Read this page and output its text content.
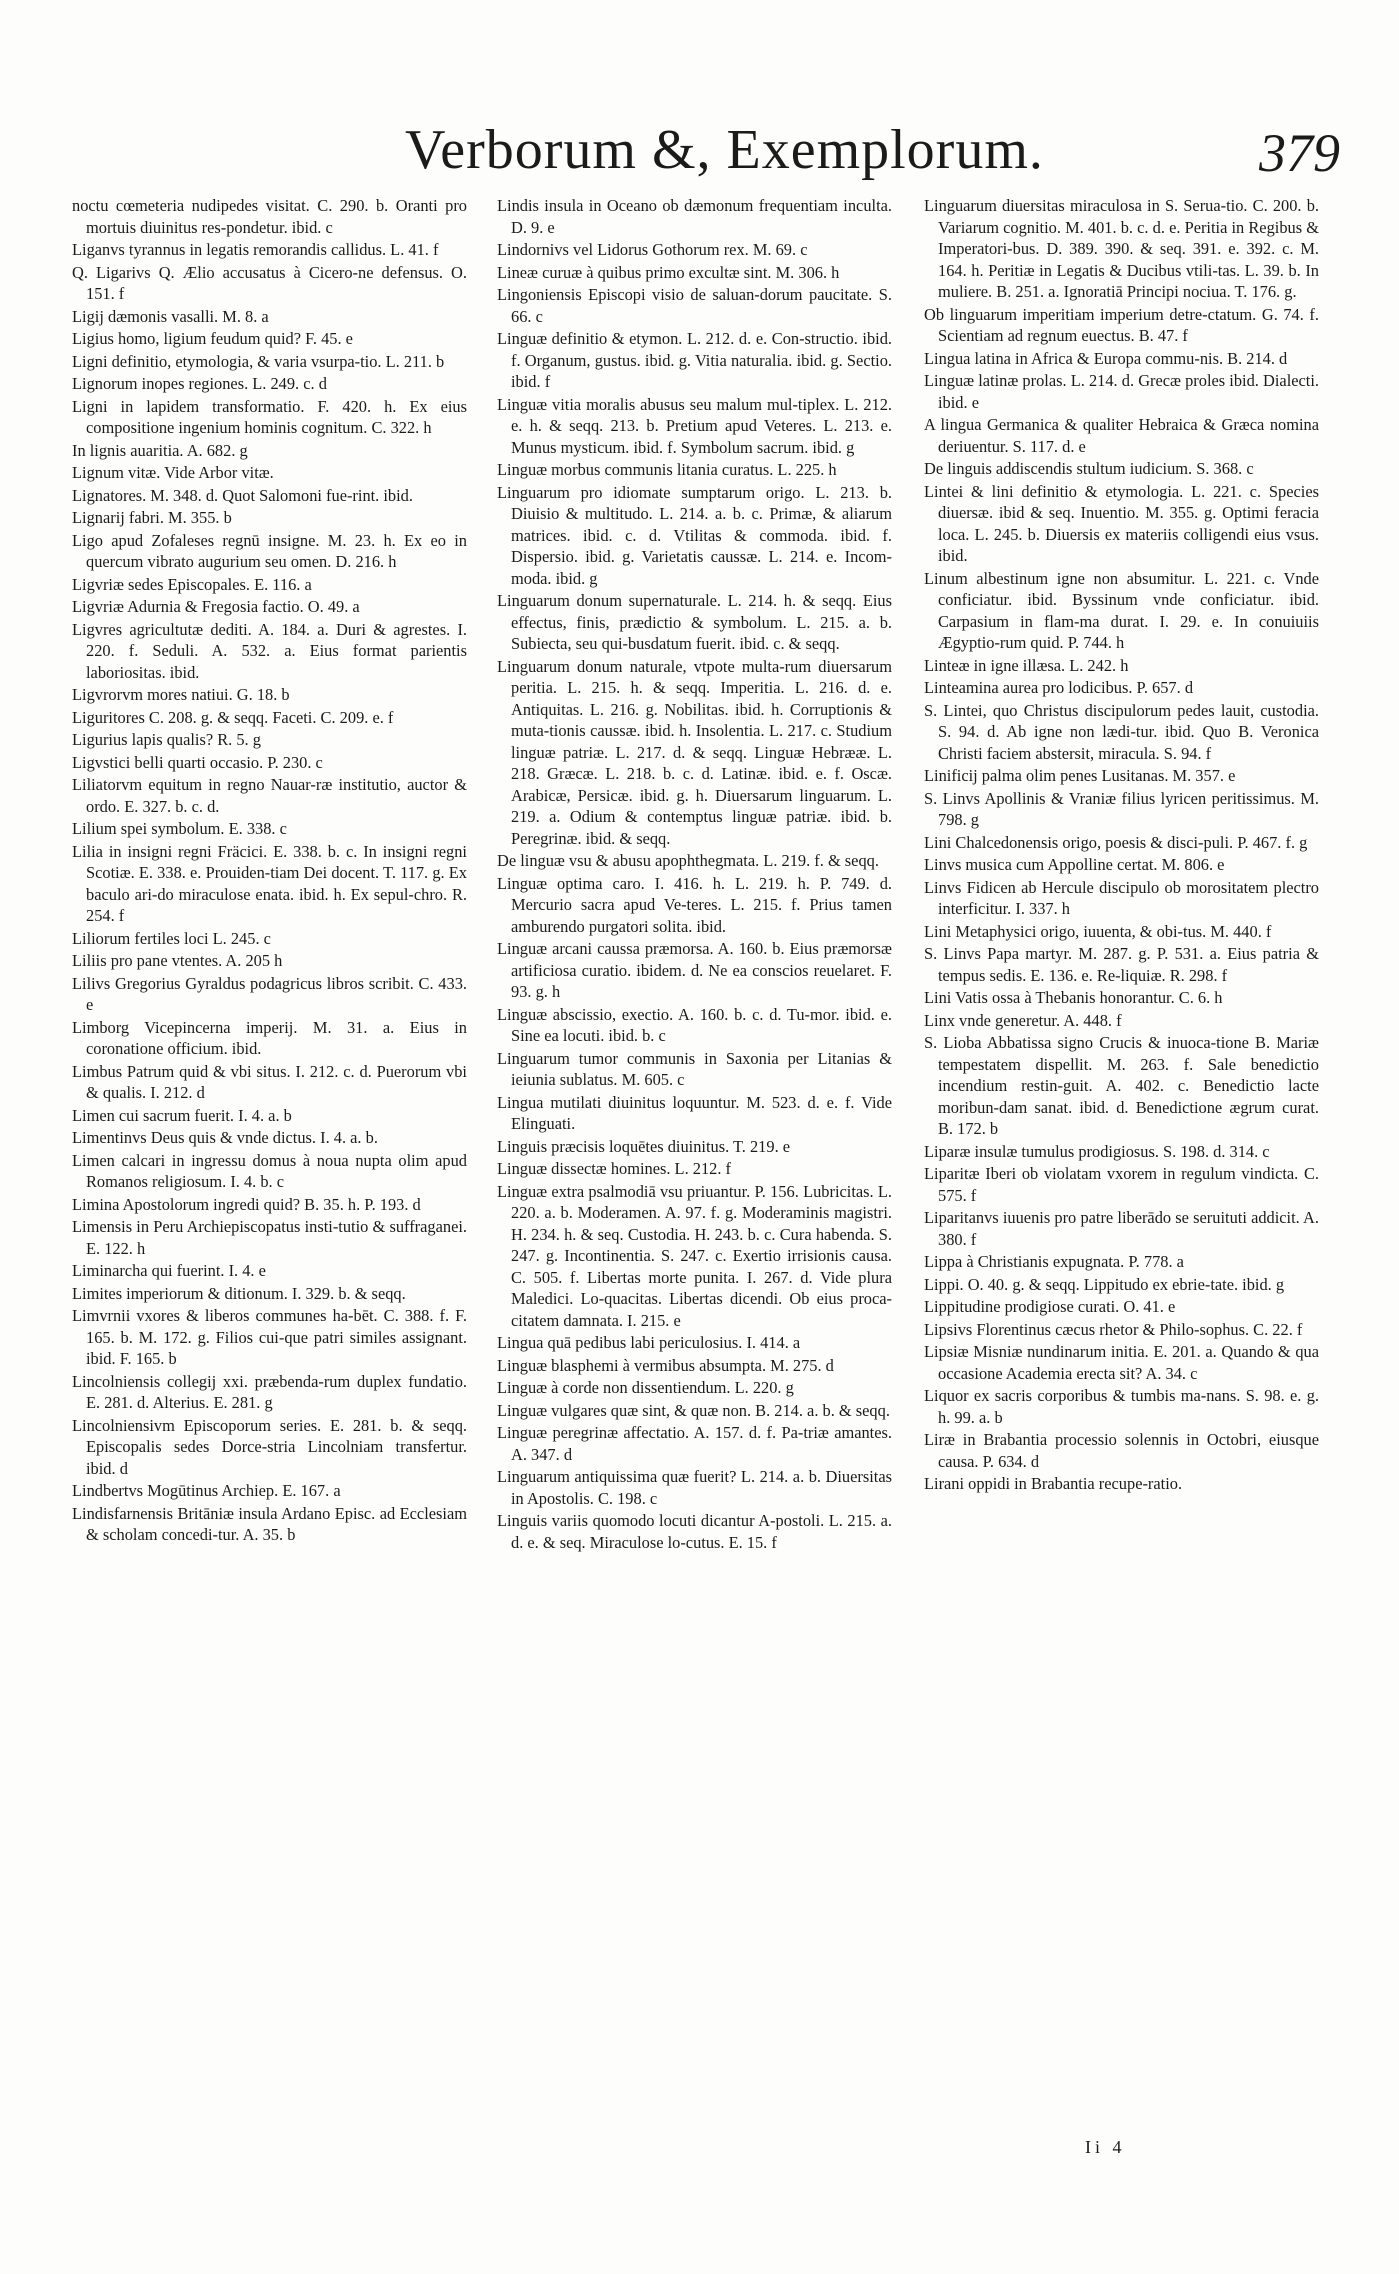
Verborum &, Exemplorum.	379

noctu cœmeteria nudipedes visitat. C. 290. b. Oranti pro mortuis diuinitus res-pondetur. ibid. c

Liganvs tyrannus in legatis remorandis callidus. L. 41. f

Q. Ligarivs Q. Ælio accusatus à Cicero-ne defensus. O. 151. f

Ligij dæmonis vasalli. M. 8. a

Ligius homo, ligium feudum quid? F. 45. e

Ligni definitio, etymologia, & varia vsurpa-tio. L. 211. b

Lignorum inopes regiones. L. 249. c. d

Ligni in lapidem transformatio. F. 420. h. Ex eius compositione ingenium hominis cognitum. C. 322. h

In lignis auaritia. A. 682. g

Lignum vitæ. Vide Arbor vitæ.

Lignatores. M. 348. d. Quot Salomoni fue-rint. ibid.

Lignarij fabri. M. 355. b

Ligo apud Zofaleses regnū insigne. M. 23. h. Ex eo in quercum vibrato augurium seu omen. D. 216. h

Ligvriæ sedes Episcopales. E. 116. a

Ligvriæ Adurnia & Fregosia factio. O. 49. a

Ligvres agricultutæ dediti. A. 184. a. Duri & agrestes. I. 220. f. Seduli. A. 532. a. Eius format parientis laboriositas. ibid.

Ligvrorvm mores natiui. G. 18. b

Liguritores C. 208. g. & seqq. Faceti. C. 209. e. f

Ligurius lapis qualis? R. 5. g

Ligvstici belli quarti occasio. P. 230. c

Liliatorvm equitum in regno Nauar-ræ institutio, auctor & ordo. E. 327. b. c. d.

Lilium spei symbolum. E. 338. c

Lilia in insigni regni Fräcici. E. 338. b. c. In insigni regni Scotiæ. E. 338. e. Prouiden-tiam Dei docent. T. 117. g. Ex baculo ari-do miraculose enata. ibid. h. Ex sepul-chro. R. 254. f

Liliorum fertiles loci L. 245. c

Liliis pro pane vtentes. A. 205 h

Lilivs Gregorius Gyraldus podagricus libros scribit. C. 433. e

Limborg Vicepincerna imperij. M. 31. a. Eius in coronatione officium. ibid.

Limbus Patrum quid & vbi situs. I. 212. c. d. Puerorum vbi & qualis. I. 212. d

Limen cui sacrum fuerit. I. 4. a. b

Limentinvs Deus quis & vnde dictus. I. 4. a. b.

Limen calcari in ingressu domus à noua nupta olim apud Romanos religiosum. I. 4. b. c

Limina Apostolorum ingredi quid? B. 35. h. P. 193. d

Limensis in Peru Archiepiscopatus insti-tutio & suffraganei. E. 122. h

Liminarcha qui fuerint. I. 4. e

Limites imperiorum & ditionum. I. 329. b. & seqq.

Limvrnii vxores & liberos communes ha-bēt. C. 388. f. F. 165. b. M. 172. g. Filios cui-que patri similes assignant. ibid. F. 165. b

Lincolniensis collegij xxi. præbenda-rum duplex fundatio. E. 281. d. Alterius. E. 281. g

Lincolniensivm Episcoporum series. E. 281. b. & seqq. Episcopalis sedes Dorce-stria Lincolniam transfertur. ibid. d

Lindbertvs Mogūtinus Archiep. E. 167. a

Lindisfarnensis Britāniæ insula Ardano Episc. ad Ecclesiam & scholam concedi-tur. A. 35. b

Lindis insula in Oceano ob dæmonum frequentiam inculta. D. 9. e

Lindornivs vel Lidorus Gothorum rex. M. 69. c

Lineæ curuæ à quibus primo excultæ sint. M. 306. h

Lingoniensis Episcopi visio de saluan-dorum paucitate. S. 66. c

Linguæ definitio & etymon. L. 212. d. e. Con-structio. ibid. f. Organum, gustus. ibid. g. Vitia naturalia. ibid. g. Sectio. ibid. f

Linguæ vitia moralis abusus seu malum mul-tiplex. L. 212. e. h. & seqq. 213. b. Pretium apud Veteres. L. 213. e. Munus mysticum. ibid. f. Symbolum sacrum. ibid. g

Linguæ morbus communis litania curatus. L. 225. h

Linguarum pro idiomate sumptarum origo. L. 213. b. Diuisio & multitudo. L. 214. a. b. c. Primæ, & aliarum matrices. ibid. c. d. Vtilitas & commoda. ibid. f. Dispersio. ibid. g. Varietatis caussæ. L. 214. e. Incom-moda. ibid. g

Linguarum donum supernaturale. L. 214. h. & seqq. Eius effectus, finis, prædictio & symbolum. L. 215. a. b. Subiecta, seu qui-busdatum fuerit. ibid. c. & seqq.

Linguarum donum naturale, vtpote multa-rum diuersarum peritia. L. 215. h. & seqq. Imperitia. L. 216. d. e. Antiquitas. L. 216. g. Nobilitas. ibid. h. Corruptionis & muta-tionis caussæ. ibid. h. Insolentia. L. 217. c. Studium linguæ patriæ. L. 217. d. & seqq. Linguæ Hebrææ. L. 218. Græcæ. L. 218. b. c. d. Latinæ. ibid. e. f. Oscæ. Arabicæ, Persicæ. ibid. g. h. Diuersarum linguarum. L. 219. a. Odium & contemptus linguæ patriæ. ibid. b. Peregrinæ. ibid. & seqq.

De linguæ vsu & abusu apophthegmata. L. 219. f. & seqq.

Linguæ optima caro. I. 416. h. L. 219. h. P. 749. d. Mercurio sacra apud Ve-teres. L. 215. f. Prius tamen amburendo purgatori solita. ibid.

Linguæ arcani caussa præmorsa. A. 160. b. Eius præmorsæ artificiosa curatio. ibidem. d. Ne ea conscios reuelaret. F. 93. g. h

Linguæ abscissio, exectio. A. 160. b. c. d. Tu-mor. ibid. e. Sine ea locuti. ibid. b. c

Linguarum tumor communis in Saxonia per Litanias & ieiunia sublatus. M. 605. c

Lingua mutilati diuinitus loquuntur. M. 523. d. e. f. Vide Elinguati.

Linguis præcisis loquētes diuinitus. T. 219. e

Linguæ dissectæ homines. L. 212. f

Linguæ extra psalmodiā vsu priuantur. P. 156. Lubricitas. L. 220. a. b. Moderamen. A. 97. f. g. Moderaminis magistri. H. 234. h. & seq. Custodia. H. 243. b. c. Cura habenda. S. 247. g. Incontinentia. S. 247. c. Exertio irrisionis causa. C. 505. f. Libertas morte punita. I. 267. d. Vide plura Maledici. Lo-quacitas. Libertas dicendi. Ob eius proca-citatem damnata. I. 215. e

Lingua quā pedibus labi periculosius. I. 414. a

Linguæ blasphemi à vermibus absumpta. M. 275. d

Linguæ à corde non dissentiendum. L. 220. g

Linguæ vulgares quæ sint, & quæ non. B. 214. a. b. & seqq.

Linguæ peregrinæ affectatio. A. 157. d. f. Pa-triæ amantes. A. 347. d

Linguarum antiquissima quæ fuerit? L. 214. a. b. Diuersitas in Apostolis. C. 198. c

Linguis variis quomodo locuti dicantur A-postoli. L. 215. a. d. e. & seq. Miraculose lo-cutus. E. 15. f

Linguarum diuersitas miraculosa in S. Serua-tio. C. 200. b. Variarum cognitio. M. 401. b. c. d. e. Peritia in Regibus & Imperatori-bus. D. 389. 390. & seq. 391. e. 392. c. M. 164. h. Peritiæ in Legatis & Ducibus vtili-tas. L. 39. b. In muliere. B. 251. a. Ignoratiā Principi nociua. T. 176. g.

Ob linguarum imperitiam imperium detre-ctatum. G. 74. f. Scientiam ad regnum euectus. B. 47. f

Lingua latina in Africa & Europa commu-nis. B. 214. d

Linguæ latinæ prolas. L. 214. d. Grecæ proles ibid. Dialecti. ibid. e

A lingua Germanica & qualiter Hebraica & Græca nomina deriuentur. S. 117. d. e

De linguis addiscendis stultum iudicium. S. 368. c

Lintei & lini definitio & etymologia. L. 221. c. Species diuersæ. ibid & seq. Inuentio. M. 355. g. Optimi feracia loca. L. 245. b. Diuersis ex materiis colligendi eius vsus. ibid.

Linum albestinum igne non absumitur. L. 221. c. Vnde conficiatur. ibid. Byssinum vnde conficiatur. ibid. Carpasium in flam-ma durat. I. 29. e. In conuiuiis Ægyptio-rum quid. P. 744. h

Linteæ in igne illæsa. L. 242. h

Linteamina aurea pro lodicibus. P. 657. d

S. Lintei, quo Christus discipulorum pedes lauit, custodia. S. 94. d. Ab igne non lædi-tur. ibid. Quo B. Veronica Christi faciem abstersit, miracula. S. 94. f

Linificij palma olim penes Lusitanas. M. 357. e

S. Linvs Apollinis & Vraniæ filius lyricen peritissimus. M. 798. g

Lini Chalcedonensis origo, poesis & disci-puli. P. 467. f. g

Linvs musica cum Appolline certat. M. 806. e

Linvs Fidicen ab Hercule discipulo ob morositatem plectro interficitur. I. 337. h

Lini Metaphysici origo, iuuenta, & obi-tus. M. 440. f

S. Linvs Papa martyr. M. 287. g. P. 531. a. Eius patria & tempus sedis. E. 136. e. Re-liquiæ. R. 298. f

Lini Vatis ossa à Thebanis honorantur. C. 6. h

Linx vnde generetur. A. 448. f

S. Lioba Abbatissa signo Crucis & inuoca-tione B. Mariæ tempestatem dispellit. M. 263. f. Sale benedictio incendium restin-guit. A. 402. c. Benedictio lacte moribun-dam sanat. ibid. d. Benedictione ægrum curat. B. 172. b

Liparæ insulæ tumulus prodigiosus. S. 198. d. 314. c

Liparitæ Iberi ob violatam vxorem in regulum vindicta. C. 575. f

Liparitanvs iuuenis pro patre liberādo se seruituti addicit. A. 380. f

Lippa à Christianis expugnata. P. 778. a

Lippi. O. 40. g. & seqq. Lippitudo ex ebrie-tate. ibid. g

Lippitudine prodigiose curati. O. 41. e

Lipsivs Florentinus cæcus rhetor & Philo-sophus. C. 22. f

Lipsiæ Misniæ nundinarum initia. E. 201. a. Quando & qua occasione Academia erecta sit? A. 34. c

Liquor ex sacris corporibus & tumbis ma-nans. S. 98. e. g. h. 99. a. b

Liræ in Brabantia processio solennis in Octobri, eiusque causa. P. 634. d

Lirani oppidi in Brabantia recupe-ratio.

Ii 4
